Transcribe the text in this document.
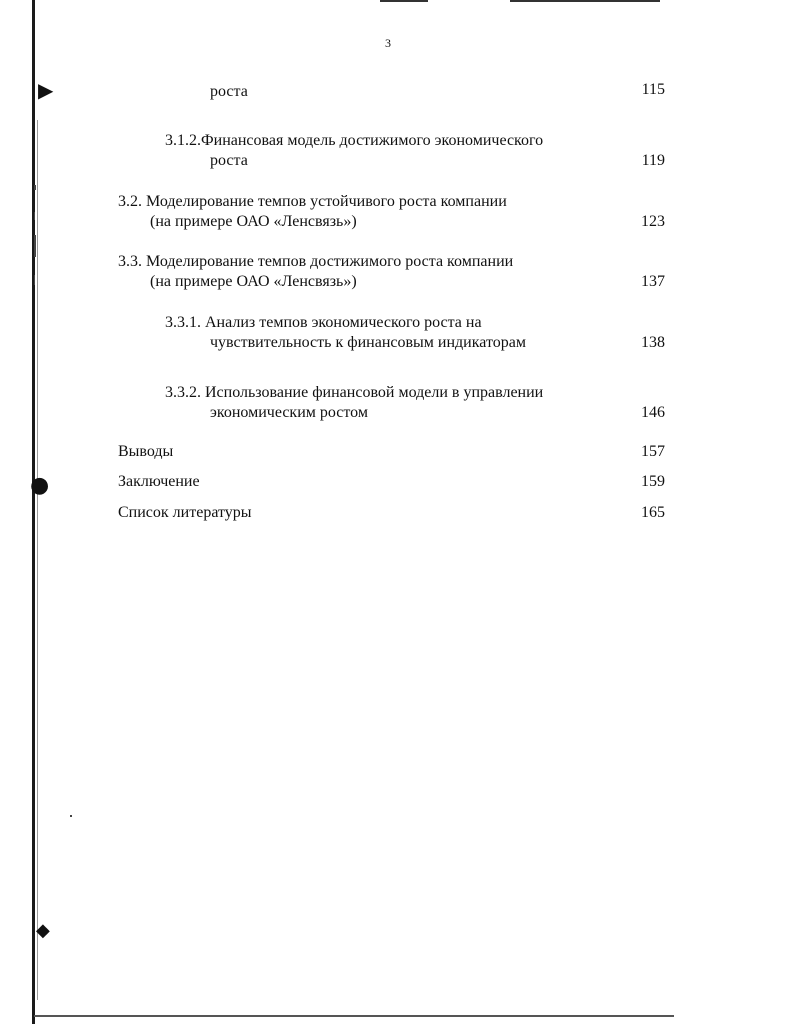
▶
●
◆
3
роста	115
3.1.2.Финансовая модель достижимого экономического
роста	119
3.2. Моделирование темпов устойчивого роста компании
(на примере ОАО «Ленсвязь»)	123
3.3. Моделирование темпов достижимого роста компании
(на примере ОАО «Ленсвязь»)	137
3.3.1. Анализ темпов экономического роста на
чувствительность к финансовым индикаторам	138
3.3.2. Использование финансовой модели в управлении
экономическим ростом	146
Выводы	157
Заключение	159
Список литературы	165
